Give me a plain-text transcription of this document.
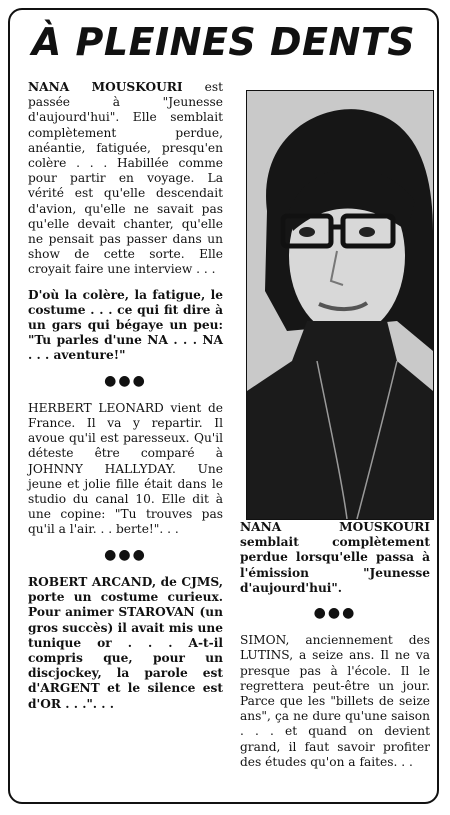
À PLEINES DENTS

NANA MOUSKOURI est passée à "Jeunesse d'aujourd'hui". Elle semblait complètement perdue, anéantie, fatiguée, presqu'en colère . . . Habillée comme pour partir en voyage. La vérité est qu'elle descendait d'avion, qu'elle ne savait pas qu'elle devait chanter, qu'elle ne pensait pas passer dans un show de cette sorte. Elle croyait faire une interview . . .

D'où la colère, la fatigue, le costume . . . ce qui fit dire à un gars qui bégaye un peu: "Tu parles d'une NA . . . NA . . . aventure!"

●●●

HERBERT LEONARD vient de France. Il va y repartir. Il avoue qu'il est paresseux. Qu'il déteste être comparé à JOHNNY HALLYDAY. Une jeune et jolie fille était dans le studio du canal 10. Elle dit à une copine: "Tu trouves pas qu'il a l'air. . . berte!". . .

●●●

ROBERT ARCAND, de CJMS, porte un costume curieux. Pour animer STAROVAN (un gros succès) il avait mis une tunique or . . . A-t-il compris que, pour un discjockey, la parole est d'ARGENT et le silence est d'OR . . .". . .

NANA MOUSKOURI semblait complètement perdue lorsqu'elle passa à l'émission "Jeunesse d'aujourd'hui".

●●●

SIMON, anciennement des LUTINS, a seize ans. Il ne va presque pas à l'école. Il le regrettera peut-être un jour. Parce que les "billets de seize ans", ça ne dure qu'une saison . . . et quand on devient grand, il faut savoir profiter des études qu'on a faites. . .
